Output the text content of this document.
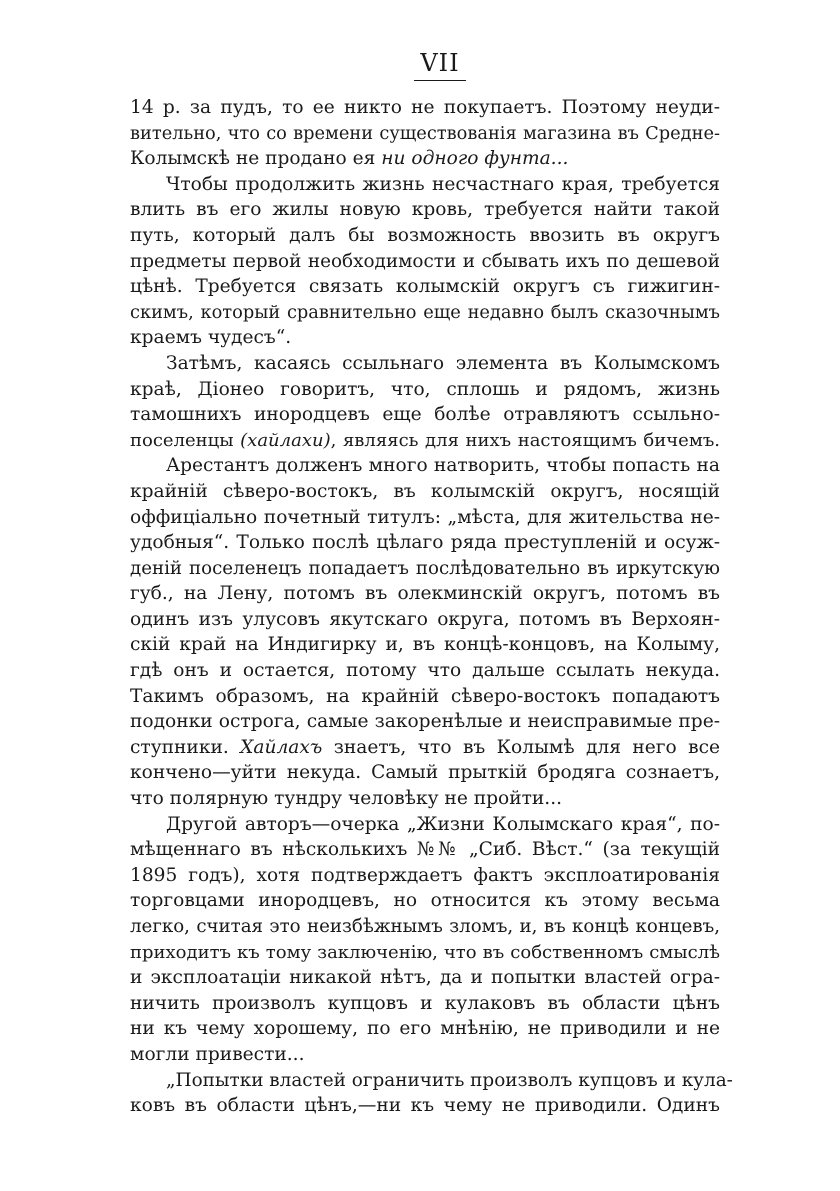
VII

14 р. за пудъ, то ее никто не покупаетъ. Поэтому неуди-

вительно, что со времени существованія магазина въ Средне-

Колымскѣ не продано ея ни одного фунта...

Чтобы продолжить жизнь несчастнаго края, требуется

влить въ его жилы новую кровь, требуется найти такой

путь, который далъ бы возможность ввозить въ округъ

предметы первой необходимости и сбывать ихъ по дешевой

цѣнѣ. Требуется связать колымскій округъ съ гижигин-

скимъ, который сравнительно еще недавно былъ сказочнымъ

краемъ чудесъ“.

Затѣмъ, касаясь ссыльнаго элемента въ Колымскомъ

краѣ, Діонео говоритъ, что, сплошь и рядомъ, жизнь

тамошнихъ инородцевъ еще болѣе отравляютъ ссыльно-

поселенцы (хайлахи), являясь для нихъ настоящимъ бичемъ.

Арестантъ долженъ много натворить, чтобы попасть на

крайній сѣверо-востокъ, въ колымскій округъ, носящій

оффиціально почетный титулъ: „мѣста, для жительства не-

удобныя“. Только послѣ цѣлаго ряда преступленій и осуж-

деній поселенецъ попадаетъ послѣдовательно въ иркутскую

губ., на Лену, потомъ въ олекминскій округъ, потомъ въ

одинъ изъ улусовъ якутскаго округа, потомъ въ Верхоян-

скій край на Индигирку и, въ концѣ-концовъ, на Колыму,

гдѣ онъ и остается, потому что дальше ссылать некуда.

Такимъ образомъ, на крайній сѣверо-востокъ попадаютъ

подонки острога, самые закоренѣлые и неисправимые пре-

ступники. Хайлахъ знаетъ, что въ Колымѣ для него все

кончено—уйти некуда. Самый прыткій бродяга сознаетъ,

что полярную тундру человѣку не пройти...

Другой авторъ—очерка „Жизни Колымскаго края“, по-

мѣщеннаго въ нѣсколькихъ №№ „Сиб. Вѣст.“ (за текущій

1895 годъ), хотя подтверждаетъ фактъ эксплоатированія

торговцами инородцевъ, но относится къ этому весьма

легко, считая это неизбѣжнымъ зломъ, и, въ концѣ концевъ,

приходитъ къ тому заключенію, что въ собственномъ смыслѣ

и эксплоатаціи никакой нѣтъ, да и попытки властей огра-

ничить произволъ купцовъ и кулаковъ въ области цѣнъ

ни къ чему хорошему, по его мнѣнію, не приводили и не

могли привести...

„Попытки властей ограничить произволъ купцовъ и кула-

ковъ въ области цѣнъ,—ни къ чему не приводили. Одинъ
